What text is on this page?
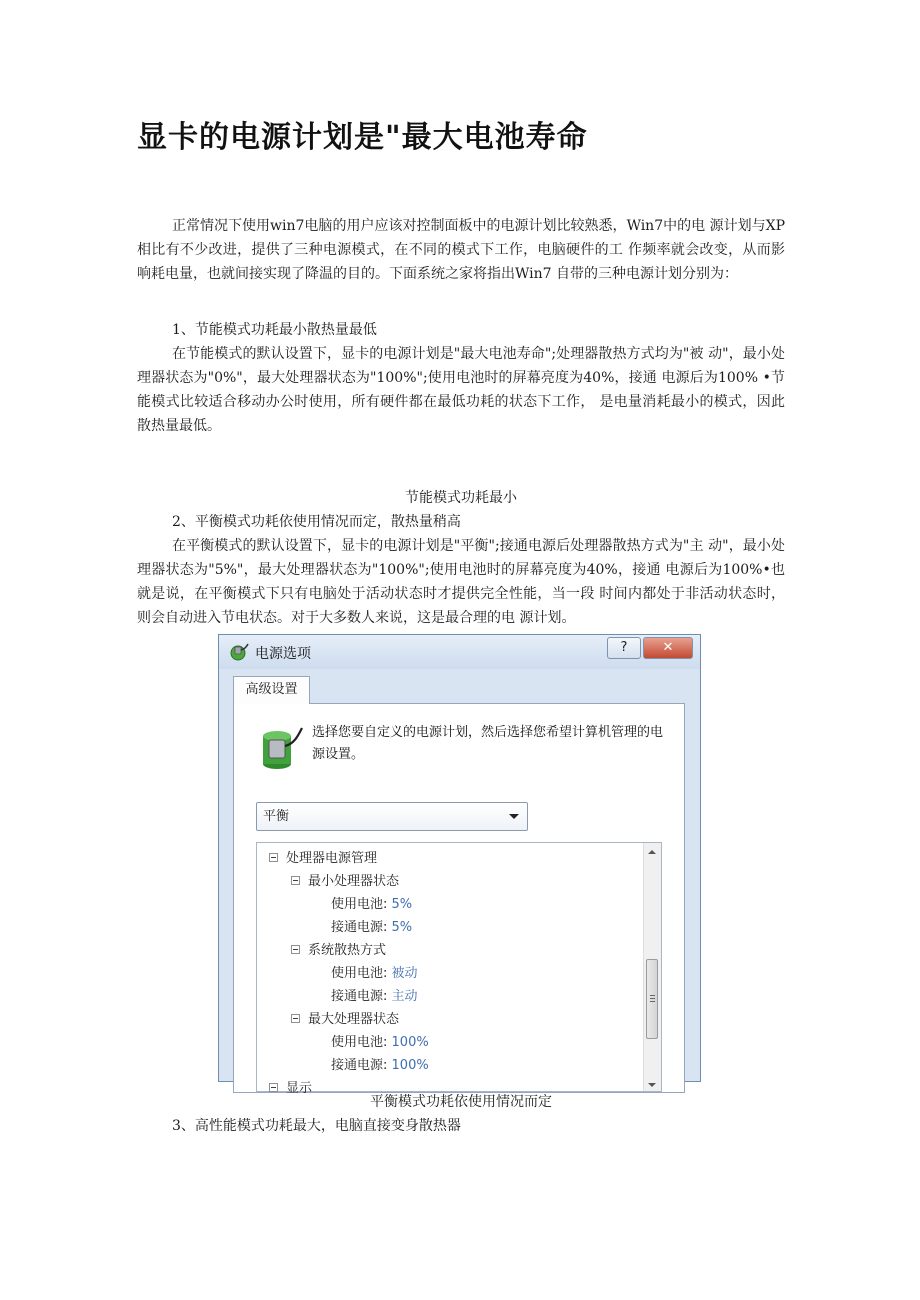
显卡的电源计划是"最大电池寿命

正常情况下使用win7电脑的用户应该对控制面板中的电源计划比较熟悉，Win7中的电 源计划与XP相比有不少改进，提供了三种电源模式，在不同的模式下工作，电脑硬件的工 作频率就会改变，从而影响耗电量，也就间接实现了降温的目的。下面系统之家将指出Win7 自带的三种电源计划分别为：

1、节能模式功耗最小散热量最低

在节能模式的默认设置下，显卡的电源计划是"最大电池寿命";处理器散热方式均为"被 动"，最小处理器状态为"0%"，最大处理器状态为"100%";使用电池时的屏幕亮度为40%，接通 电源后为100% •节能模式比较适合移动办公时使用，所有硬件都在最低功耗的状态下工作， 是电量消耗最小的模式，因此散热量最低。

节能模式功耗最小
2、平衡模式功耗依使用情况而定，散热量稍高

在平衡模式的默认设置下，显卡的电源计划是"平衡";接通电源后处理器散热方式为"主 动"，最小处理器状态为"5%"，最大处理器状态为"100%";使用电池时的屏幕亮度为40%，接通 电源后为100%•也就是说，在平衡模式下只有电脑处于活动状态时才提供完全性能，当一段 时间内都处于非活动状态时，则会自动进入节电状态。对于大多数人来说，这是最合理的电 源计划。

电源选项	?	✕
高级设置
选择您要自定义的电源计划，然后选择您希望计算机管理的电源设置。
平衡
处理器电源管理
最小处理器状态
使用电池: 5%
接通电源: 5%
系统散热方式
使用电池: 被动
接通电源: 主动
最大处理器状态
使用电池: 100%
接通电源: 100%
显示
平衡模式功耗依使用情况而定
3、高性能模式功耗最大，电脑直接变身散热器
